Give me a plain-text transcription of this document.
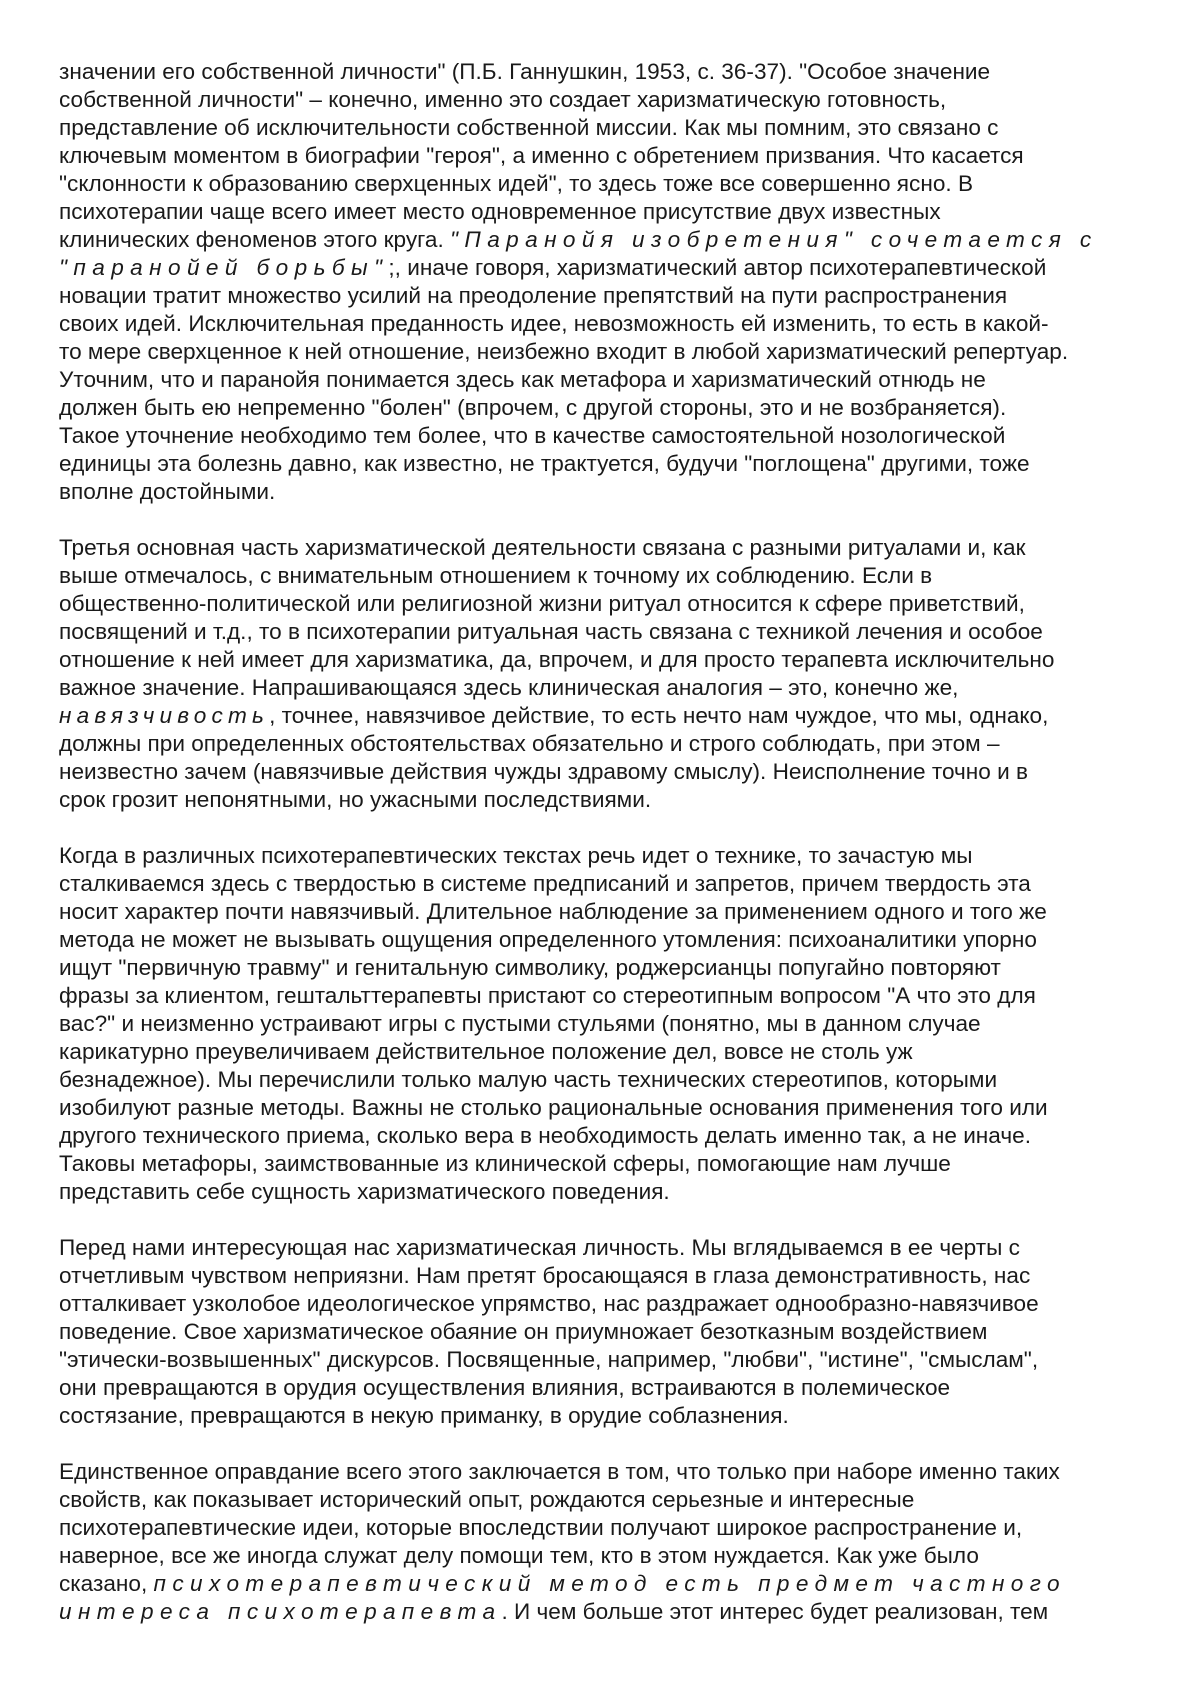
значении его собственной личности" (П.Б. Ганнушкин, 1953, с. 36-37). "Особое значение
собственной личности" – конечно, именно это создает харизматическую готовность,
представление об исключительности собственной миссии. Как мы помним, это связано с
ключевым моментом в биографии "героя", а именно с обретением призвания. Что касается
"склонности к образованию сверхценных идей", то здесь тоже все совершенно ясно. В
психотерапии чаще всего имеет место одновременное присутствие двух известных
клинических феноменов этого круга. "Паранойя изобретения" сочетается с
"паранойей борьбы";, иначе говоря, харизматический автор психотерапевтической
новации тратит множество усилий на преодоление препятствий на пути распространения
своих идей. Исключительная преданность идее, невозможность ей изменить, то есть в какой-
то мере сверхценное к ней отношение, неизбежно входит в любой харизматический репертуар.
Уточним, что и паранойя понимается здесь как метафора и харизматический отнюдь не
должен быть ею непременно "болен" (впрочем, с другой стороны, это и не возбраняется).
Такое уточнение необходимо тем более, что в качестве самостоятельной нозологической
единицы эта болезнь давно, как известно, не трактуется, будучи "поглощена" другими, тоже
вполне достойными.
Третья основная часть харизматической деятельности связана с разными ритуалами и, как
выше отмечалось, с внимательным отношением к точному их соблюдению. Если в
общественно-политической или религиозной жизни ритуал относится к сфере приветствий,
посвящений и т.д., то в психотерапии ритуальная часть связана с техникой лечения и особое
отношение к ней имеет для харизматика, да, впрочем, и для просто терапевта исключительно
важное значение. Напрашивающаяся здесь клиническая аналогия – это, конечно же,
навязчивость, точнее, навязчивое действие, то есть нечто нам чуждое, что мы, однако,
должны при определенных обстоятельствах обязательно и строго соблюдать, при этом –
неизвестно зачем (навязчивые действия чужды здравому смыслу). Неисполнение точно и в
срок грозит непонятными, но ужасными последствиями.
Когда в различных психотерапевтических текстах речь идет о технике, то зачастую мы
сталкиваемся здесь с твердостью в системе предписаний и запретов, причем твердость эта
носит характер почти навязчивый. Длительное наблюдение за применением одного и того же
метода не может не вызывать ощущения определенного утомления: психоаналитики упорно
ищут "первичную травму" и генитальную символику, роджерсианцы попугайно повторяют
фразы за клиентом, гештальттерапевты пристают со стереотипным вопросом "А что это для
вас?" и неизменно устраивают игры с пустыми стульями (понятно, мы в данном случае
карикатурно преувеличиваем действительное положение дел, вовсе не столь уж
безнадежное). Мы перечислили только малую часть технических стереотипов, которыми
изобилуют разные методы. Важны не столько рациональные основания применения того или
другого технического приема, сколько вера в необходимость делать именно так, а не иначе.
Таковы метафоры, заимствованные из клинической сферы, помогающие нам лучше
представить себе сущность харизматического поведения.
Перед нами интересующая нас харизматическая личность. Мы вглядываемся в ее черты с
отчетливым чувством неприязни. Нам претят бросающаяся в глаза демонстративность, нас
отталкивает узколобое идеологическое упрямство, нас раздражает однообразно-навязчивое
поведение. Свое харизматическое обаяние он приумножает безотказным воздействием
"этически-возвышенных" дискурсов. Посвященные, например, "любви", "истине", "смыслам",
они превращаются в орудия осуществления влияния, встраиваются в полемическое
состязание, превращаются в некую приманку, в орудие соблазнения.
Единственное оправдание всего этого заключается в том, что только при наборе именно таких
свойств, как показывает исторический опыт, рождаются серьезные и интересные
психотерапевтические идеи, которые впоследствии получают широкое распространение и,
наверное, все же иногда служат делу помощи тем, кто в этом нуждается. Как уже было
сказано, психотерапевтический метод есть предмет частного
интереса психотерапевта. И чем больше этот интерес будет реализован, тем
